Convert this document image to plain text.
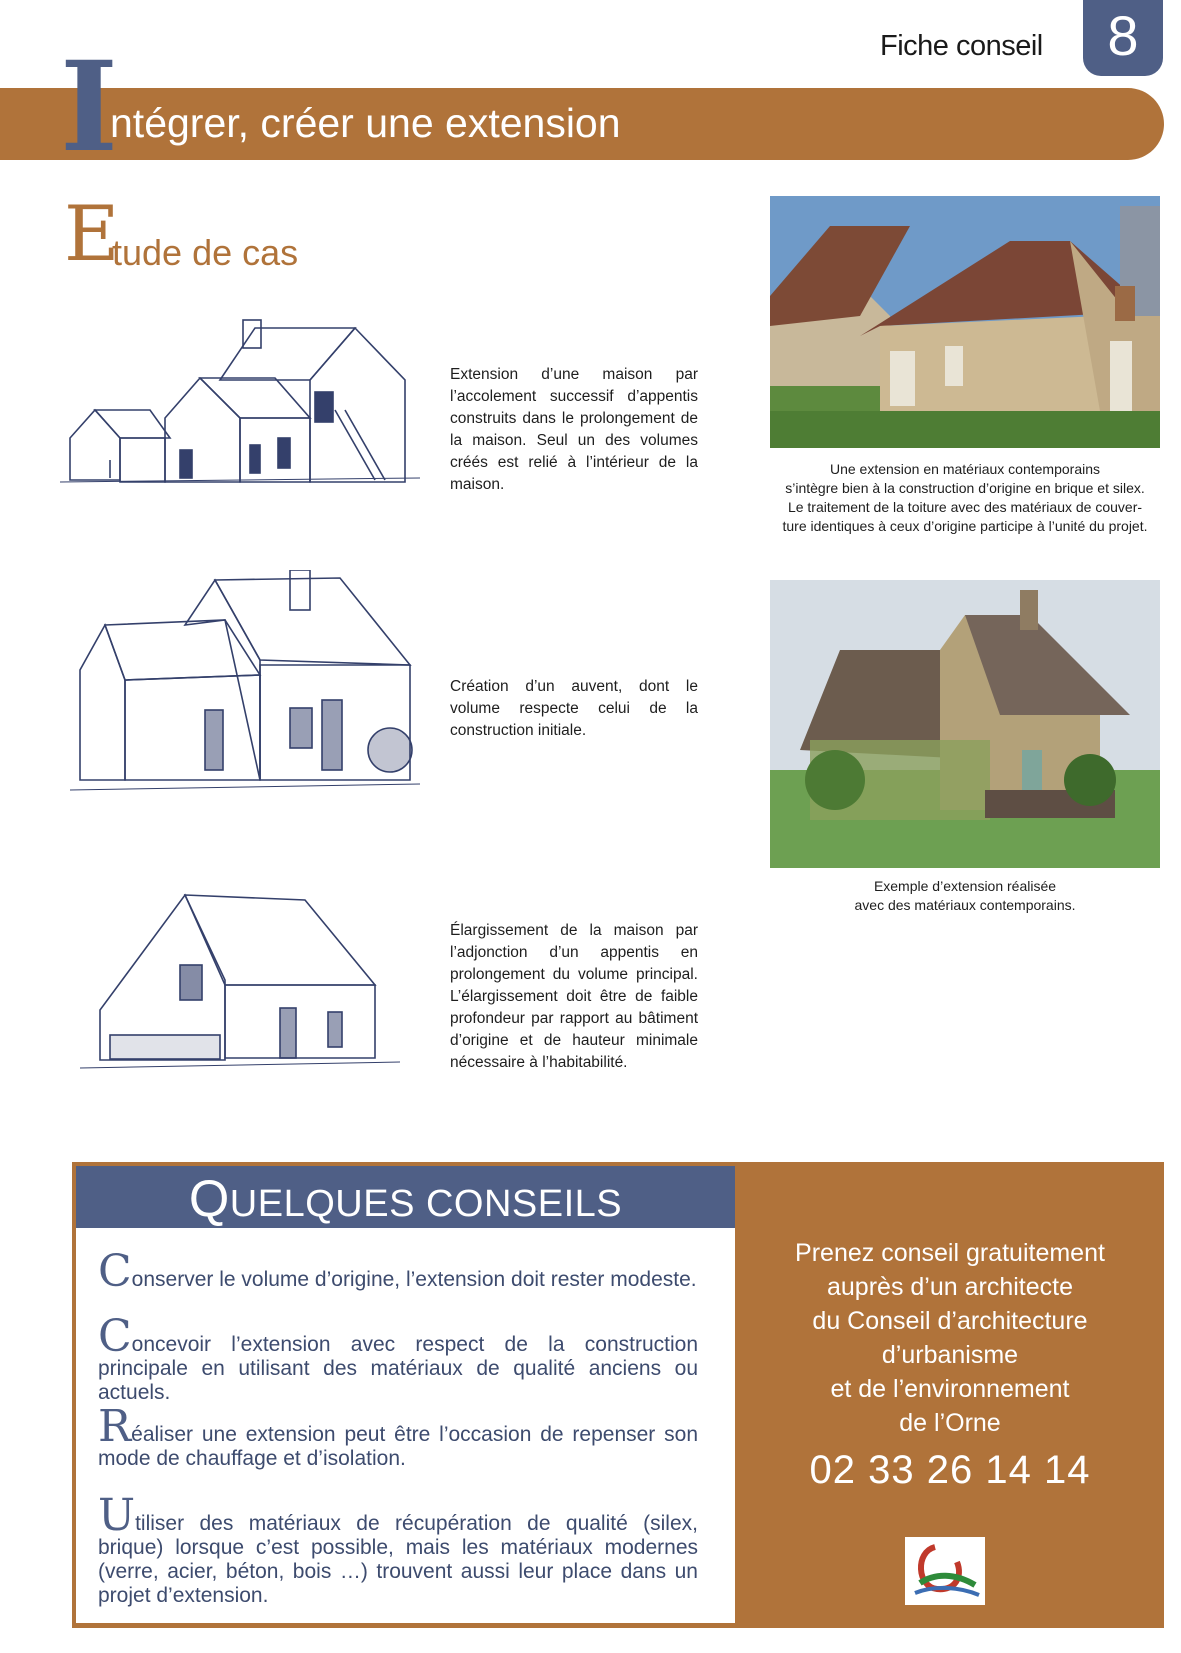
Fiche conseil	8
I
ntégrer, créer une extension
E
tude de cas
Extension d’une maison par l’accolement successif d’appentis construits dans le prolongement de la maison. Seul un des volumes créés est relié à l’intérieur de la maison.
Création d’un auvent, dont le volume respecte celui de la construction initiale.
Élargissement de la maison par l’adjonction d’un appentis en prolongement du volume principal. L’élargissement doit être de faible profondeur par rapport au bâtiment d’origine et de hauteur minimale nécessaire à l’habitabilité.
Une extension en matériaux contemporains
s’intègre bien à la construction d’origine en brique et silex.
Le traitement de la toiture avec des matériaux de couver-
ture identiques à ceux d’origine participe à l’unité du projet.
Exemple d’extension réalisée
avec des matériaux contemporains.
QUELQUES CONSEILS
Conserver le volume d’origine, l’extension doit rester modeste.
Concevoir l’extension avec respect de la construction principale en utilisant des matériaux de qualité anciens ou actuels.
Réaliser une extension peut être l’occasion de repenser son mode de chauffage et d’isolation.
Utiliser des matériaux de récupération de qualité (silex, brique) lorsque c’est possible, mais les matériaux modernes (verre, acier, béton, bois …) trouvent aussi leur place dans un projet d’extension.
Prenez conseil gratuitement
auprès d’un architecte
du Conseil d’architecture
d’urbanisme
et de l’environnement
de l’Orne
02 33 26 14 14
